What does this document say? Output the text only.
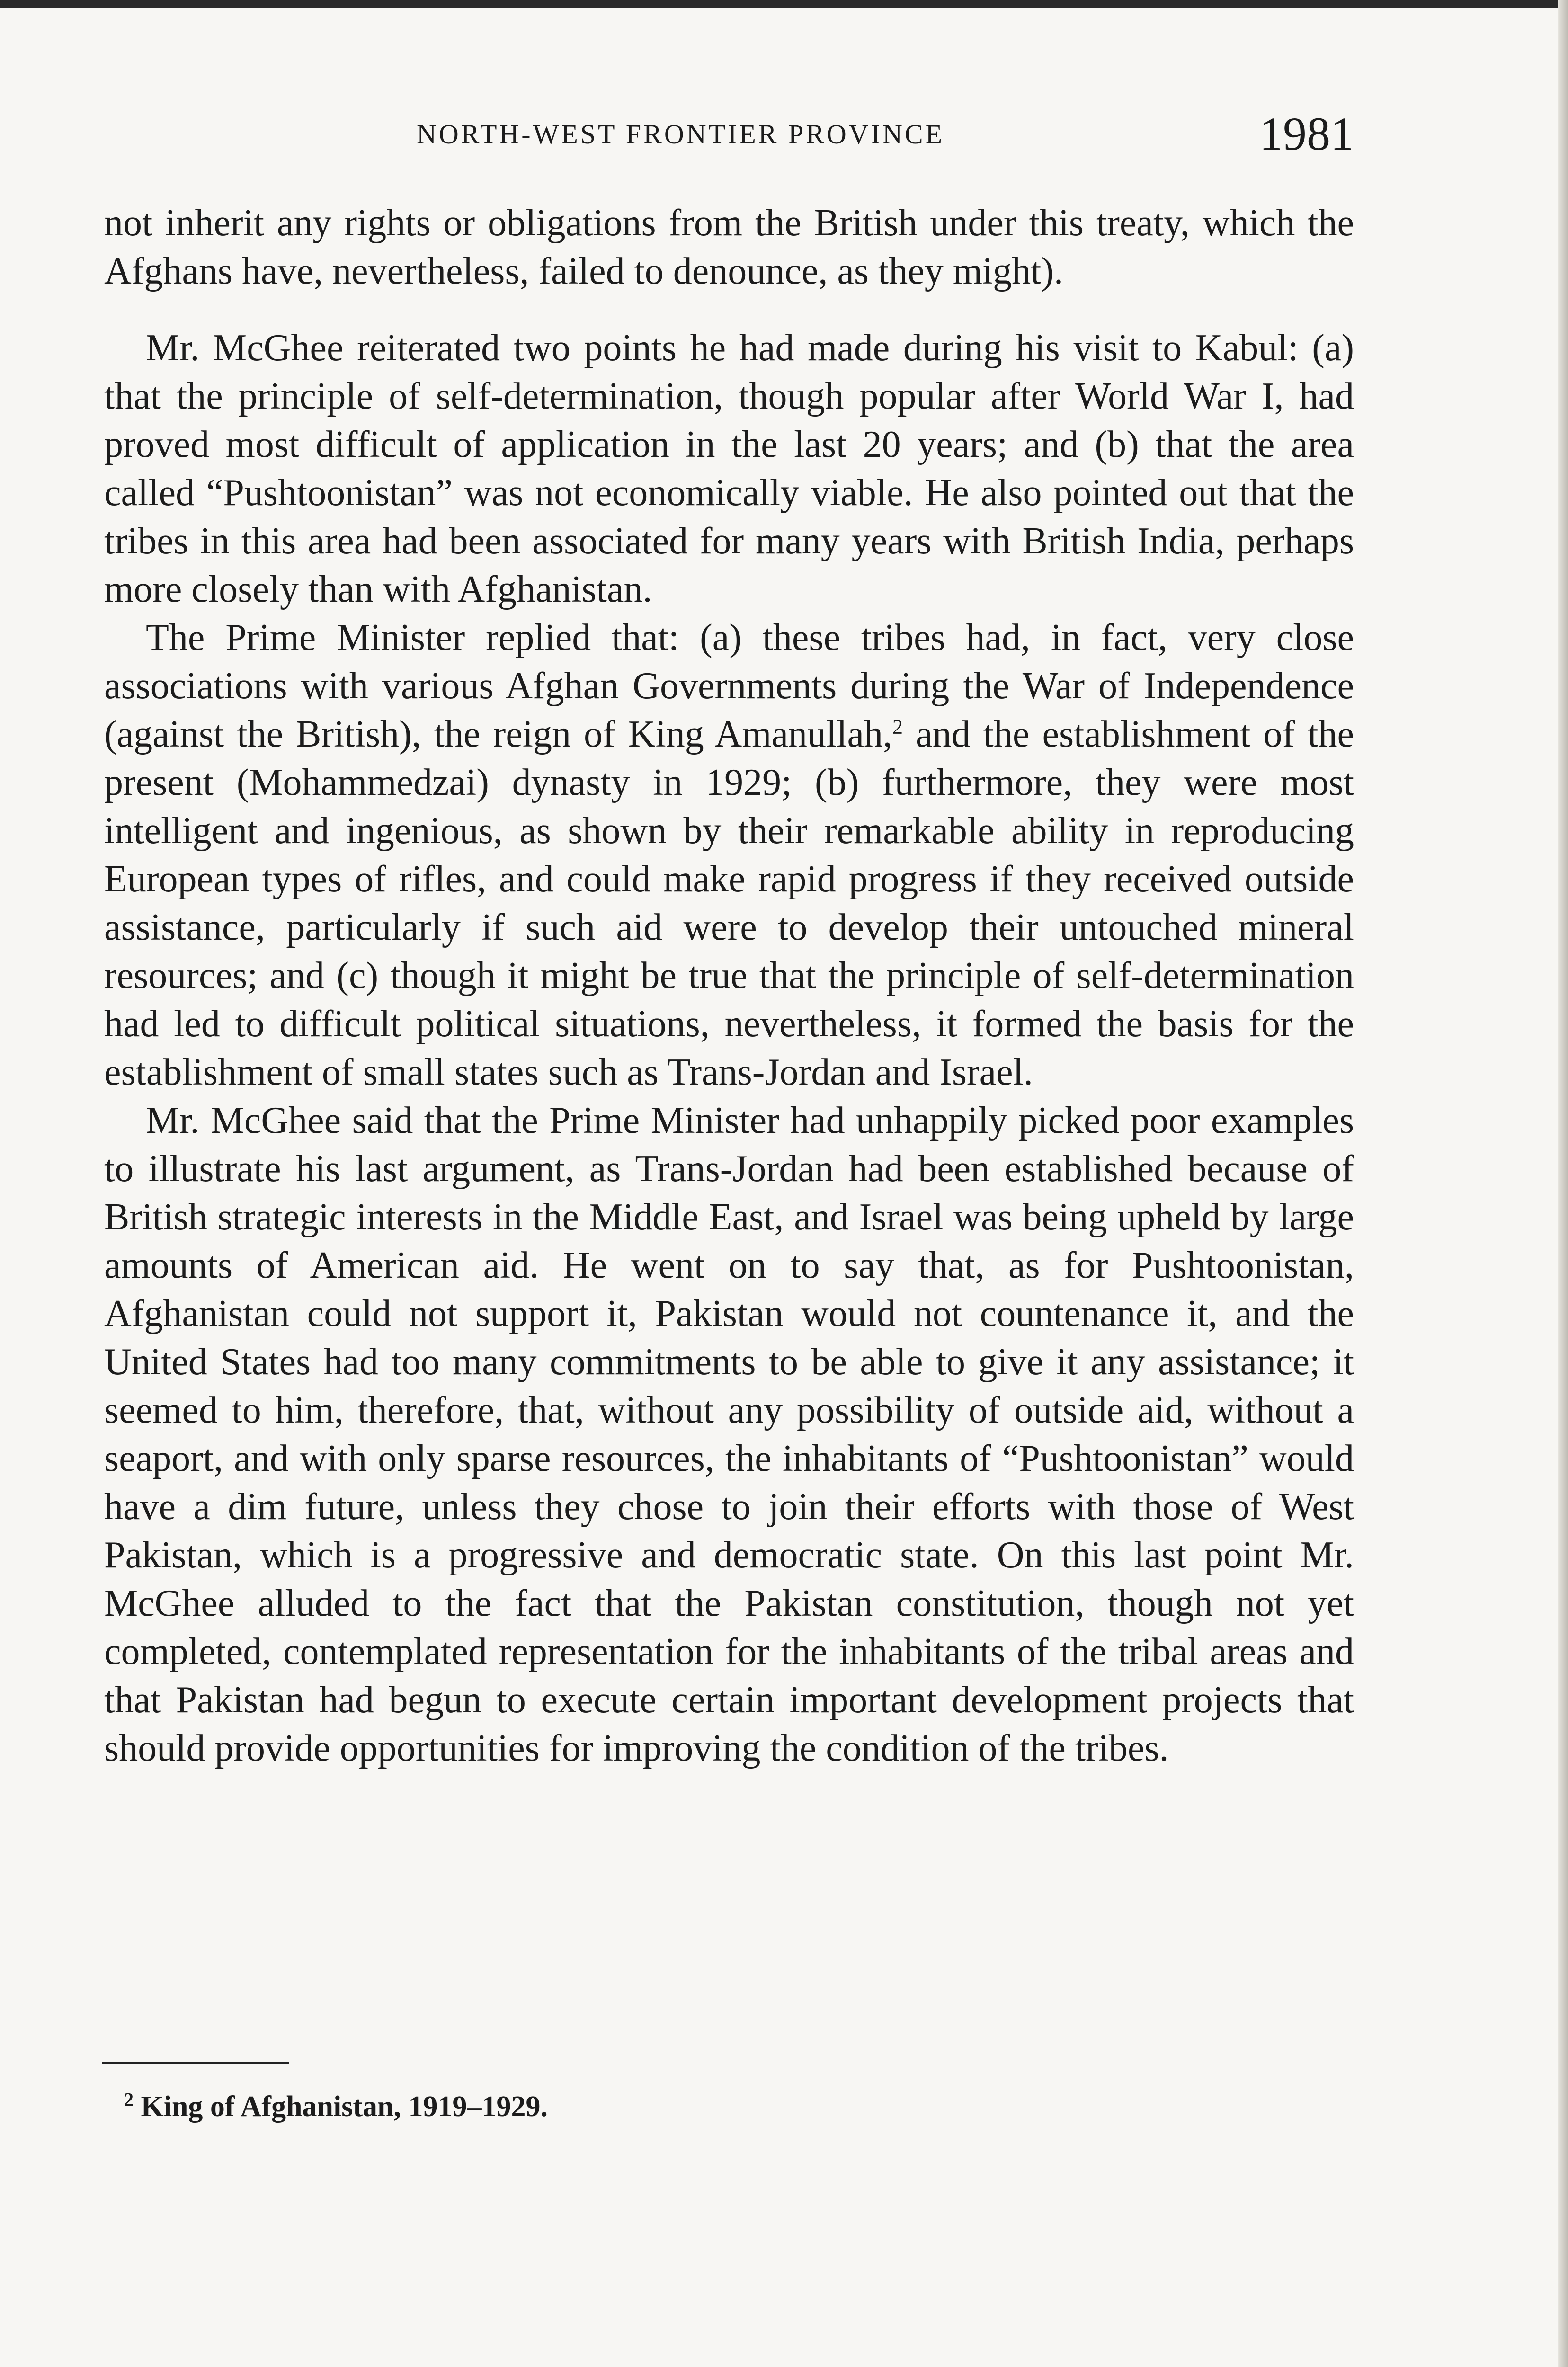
NORTH-WEST FRONTIER PROVINCE	1981

not inherit any rights or obligations from the British under this treaty, which the Afghans have, nevertheless, failed to denounce, as they might).

Mr. McGhee reiterated two points he had made during his visit to Kabul: (a) that the principle of self-determination, though popular after World War I, had proved most difficult of application in the last 20 years; and (b) that the area called “Pushtoonistan” was not economically viable. He also pointed out that the tribes in this area had been associated for many years with British India, perhaps more closely than with Afghanistan.

The Prime Minister replied that: (a) these tribes had, in fact, very close associations with various Afghan Governments during the War of Independence (against the British), the reign of King Amanullah,$^2$ and the establishment of the present (Mohammedzai) dynasty in 1929; (b) furthermore, they were most intelligent and ingenious, as shown by their remarkable ability in reproducing European types of rifles, and could make rapid progress if they received outside assistance, particularly if such aid were to develop their untouched mineral resources; and (c) though it might be true that the principle of self-determination had led to difficult political situations, nevertheless, it formed the basis for the establishment of small states such as Trans-Jordan and Israel.

Mr. McGhee said that the Prime Minister had unhappily picked poor examples to illustrate his last argument, as Trans-Jordan had been established because of British strategic interests in the Middle East, and Israel was being upheld by large amounts of American aid. He went on to say that, as for Pushtoonistan, Afghanistan could not support it, Pakistan would not countenance it, and the United States had too many commitments to be able to give it any assistance; it seemed to him, therefore, that, without any possibility of outside aid, without a seaport, and with only sparse resources, the inhabitants of “Pushtoonistan” would have a dim future, unless they chose to join their efforts with those of West Pakistan, which is a progressive and democratic state. On this last point Mr. McGhee alluded to the fact that the Pakistan constitution, though not yet completed, contemplated representation for the inhabitants of the tribal areas and that Pakistan had begun to execute certain important development projects that should provide opportunities for improving the condition of the tribes.

$^2$ King of Afghanistan, 1919–1929.
